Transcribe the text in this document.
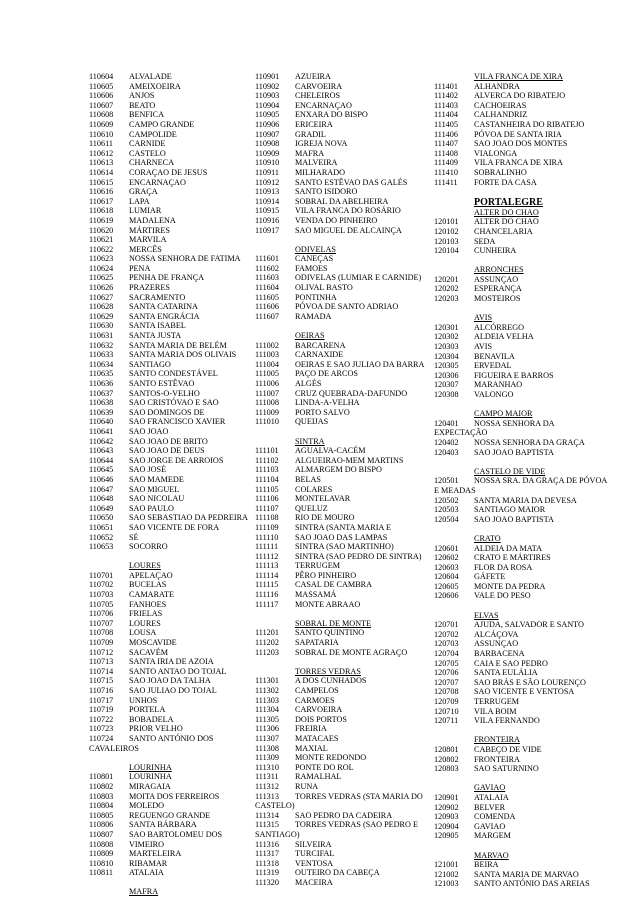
110604	ALVALADE
110605	AMEIXOEIRA
110606	ANJOS
110607	BEATO
110608	BENFICA
110609	CAMPO GRANDE
110610	CAMPOLIDE
110611	CARNIDE
110612	CASTELO
110613	CHARNECA
110614	CORAÇAO DE JESUS
110615	ENCARNAÇAO
110616	GRAÇA
110617	LAPA
110618	LUMIAR
110619	MADALENA
110620	MÁRTIRES
110621	MARVILA
110622	MERCÊS
110623	NOSSA SENHORA DE FATIMA
110624	PENA
110625	PENHA DE FRANÇA
110626	PRAZERES
110627	SACRAMENTO
110628	SANTA CATARINA
110629	SANTA ENGRÁCIA
110630	SANTA ISABEL
110631	SANTA JUSTA
110632	SANTA MARIA DE BELÉM
110633	SANTA MARIA DOS OLIVAIS
110634	SANTIAGO
110635	SANTO CONDESTÁVEL
110636	SANTO ESTÊVAO
110637	SANTOS-O-VELHO
110638	SAO CRISTÓVAO E SAO
110639	SAO DOMINGOS DE
110640	SAO FRANCISCO XAVIER
110641	SAO JOAO
110642	SAO JOAO DE BRITO
110643	SAO JOAO DE DEUS
110644	SAO JORGE DE ARROIOS
110645	SAO JOSÉ
110646	SAO MAMEDE
110647	SAO MIGUEL
110648	SAO NICOLAU
110649	SAO PAULO
110650	SAO SEBASTIAO DA PEDREIRA
110651	SAO VICENTE DE FORA
110652	SÉ
110653	SOCORRO
LOURES
110701	APELAÇAO
110702	BUCELAS
110703	CAMARATE
110705	FANHOES
110706	FRIELAS
110707	LOURES
110708	LOUSA
110709	MOSCAVIDE
110712	SACAVÉM
110713	SANTA IRIA DE AZOIA
110714	SANTO ANTAO DO TOJAL
110715	SAO JOAO DA TALHA
110716	SAO JULIAO DO TOJAL
110717	UNHOS
110719	PORTELA
110722	BOBADELA
110723	PRIOR VELHO
110724	SANTO ANTÓNIO DOS
CAVALEIROS
LOURINHA
110801	LOURINHA
110802	MIRAGAIA
110803	MOITA DOS FERREIROS
110804	MOLEDO
110805	REGUENGO GRANDE
110806	SANTA BÁRBARA
110807	SAO BARTOLOMEU DOS
110808	VIMEIRO
110809	MARTELEIRA
110810	RIBAMAR
110811	ATALAIA
MAFRA
110901	AZUEIRA
110902	CARVOEIRA
110903	CHELEIROS
110904	ENCARNAÇAO
110905	ENXARA DO BISPO
110906	ERICEIRA
110907	GRADIL
110908	IGREJA NOVA
110909	MAFRA
110910	MALVEIRA
110911	MILHARADO
110912	SANTO ESTÊVAO DAS GALÉS
110913	SANTO ISIDORO
110914	SOBRAL DA ABELHEIRA
110915	VILA FRANCA DO ROSÁRIO
110916	VENDA DO PINHEIRO
110917	SAO MIGUEL DE ALCAINÇA
ODIVELAS
111601	CANEÇAS
111602	FAMOES
111603	ODIVELAS (LUMIAR E CARNIDE)
111604	OLIVAL BASTO
111605	PONTINHA
111606	PÓVOA DE SANTO ADRIAO
111607	RAMADA
OEIRAS
111002	BARCARENA
111003	CARNAXIDE
111004	OEIRAS E SAO JULIAO DA BARRA
111005	PAÇO DE ARCOS
111006	ALGÉS
111007	CRUZ QUEBRADA-DAFUNDO
111008	LINDA-A-VELHA
111009	PORTO SALVO
111010	QUEIJAS
SINTRA
111101	AGUALVA-CACÉM
111102	ALGUEIRAO-MEM MARTINS
111103	ALMARGEM DO BISPO
111104	BELAS
111105	COLARES
111106	MONTELAVAR
111107	QUELUZ
111108	RIO DE MOURO
111109	SINTRA (SANTA MARIA E
111110	SAO JOAO DAS LAMPAS
111111	SINTRA (SAO MARTINHO)
111112	SINTRA (SAO PEDRO DE SINTRA)
111113	TERRUGEM
111114	PÊRO PINHEIRO
111115	CASAL DE CAMBRA
111116	MASSAMÁ
111117	MONTE ABRAAO
SOBRAL DE MONTE
111201	SANTO QUINTINO
111202	SAPATARIA
111203	SOBRAL DE MONTE AGRAÇO
TORRES VEDRAS
111301	A DOS CUNHADOS
111302	CAMPELOS
111303	CARMOES
111304	CARVOEIRA
111305	DOIS PORTOS
111306	FREIRIA
111307	MATACAES
111308	MAXIAL
111309	MONTE REDONDO
111310	PONTE DO ROL
111311	RAMALHAL
111312	RUNA
111313	TORRES VEDRAS (STA MARIA DO
CASTELO)
111314	SAO PEDRO DA CADEIRA
111315	TORRES VEDRAS (SAO PEDRO E
SANTIAGO)
111316	SILVEIRA
111317	TURCIFAL
111318	VENTOSA
111319	OUTEIRO DA CABEÇA
111320	MACEIRA
VILA FRANCA DE XIRA
111401	ALHANDRA
111402	ALVERCA DO RIBATEJO
111403	CACHOEIRAS
111404	CALHANDRIZ
111405	CASTANHEIRA DO RIBATEJO
111406	PÓVOA DE SANTA IRIA
111407	SAO JOAO DOS MONTES
111408	VIALONGA
111409	VILA FRANCA DE XIRA
111410	SOBRALINHO
111411	FORTE DA CASA
PORTALEGRE
ALTER DO CHAO
120101	ALTER DO CHAO
120102	CHANCELARIA
120103	SEDA
120104	CUNHEIRA
ARRONCHES
120201	ASSUNÇAO
120202	ESPERANÇA
120203	MOSTEIROS
AVIS
120301	ALCÓRREGO
120302	ALDEIA VELHA
120303	AVIS
120304	BENAVILA
120305	ERVEDAL
120306	FIGUEIRA E BARROS
120307	MARANHAO
120308	VALONGO
CAMPO MAIOR
120401	NOSSA SENHORA DA
EXPECTAÇÃO
120402	NOSSA SENHORA DA GRAÇA
120403	SAO JOAO BAPTISTA
CASTELO DE VIDE
120501	NOSSA SRA. DA GRAÇA DE PÓVOA
E MEADAS
120502	SANTA MARIA DA DEVESA
120503	SANTIAGO MAIOR
120504	SAO JOAO BAPTISTA
CRATO
120601	ALDEIA DA MATA
120602	CRATO E MÁRTIRES
120603	FLOR DA ROSA
120604	GÁFETE
120605	MONTE DA PEDRA
120606	VALE DO PESO
ELVAS
120701	AJUDA, SALVADOR E SANTO
120702	ALCÁÇOVA
120703	ASSUNÇAO
120704	BARBACENA
120705	CAIA E SAO PEDRO
120706	SANTA EULÁLIA
120707	SAO BRÁS E SÃO LOURENÇO
120708	SAO VICENTE E VENTOSA
120709	TERRUGEM
120710	VILA BOIM
120711	VILA FERNANDO
FRONTEIRA
120801	CABEÇO DE VIDE
120802	FRONTEIRA
120803	SAO SATURNINO
GAVIAO
120901	ATALAIA
120902	BELVER
120903	COMENDA
120904	GAVIAO
120905	MARGEM
MARVAO
121001	BEIRA
121002	SANTA MARIA DE MARVAO
121003	SANTO ANTÓNIO DAS AREIAS
